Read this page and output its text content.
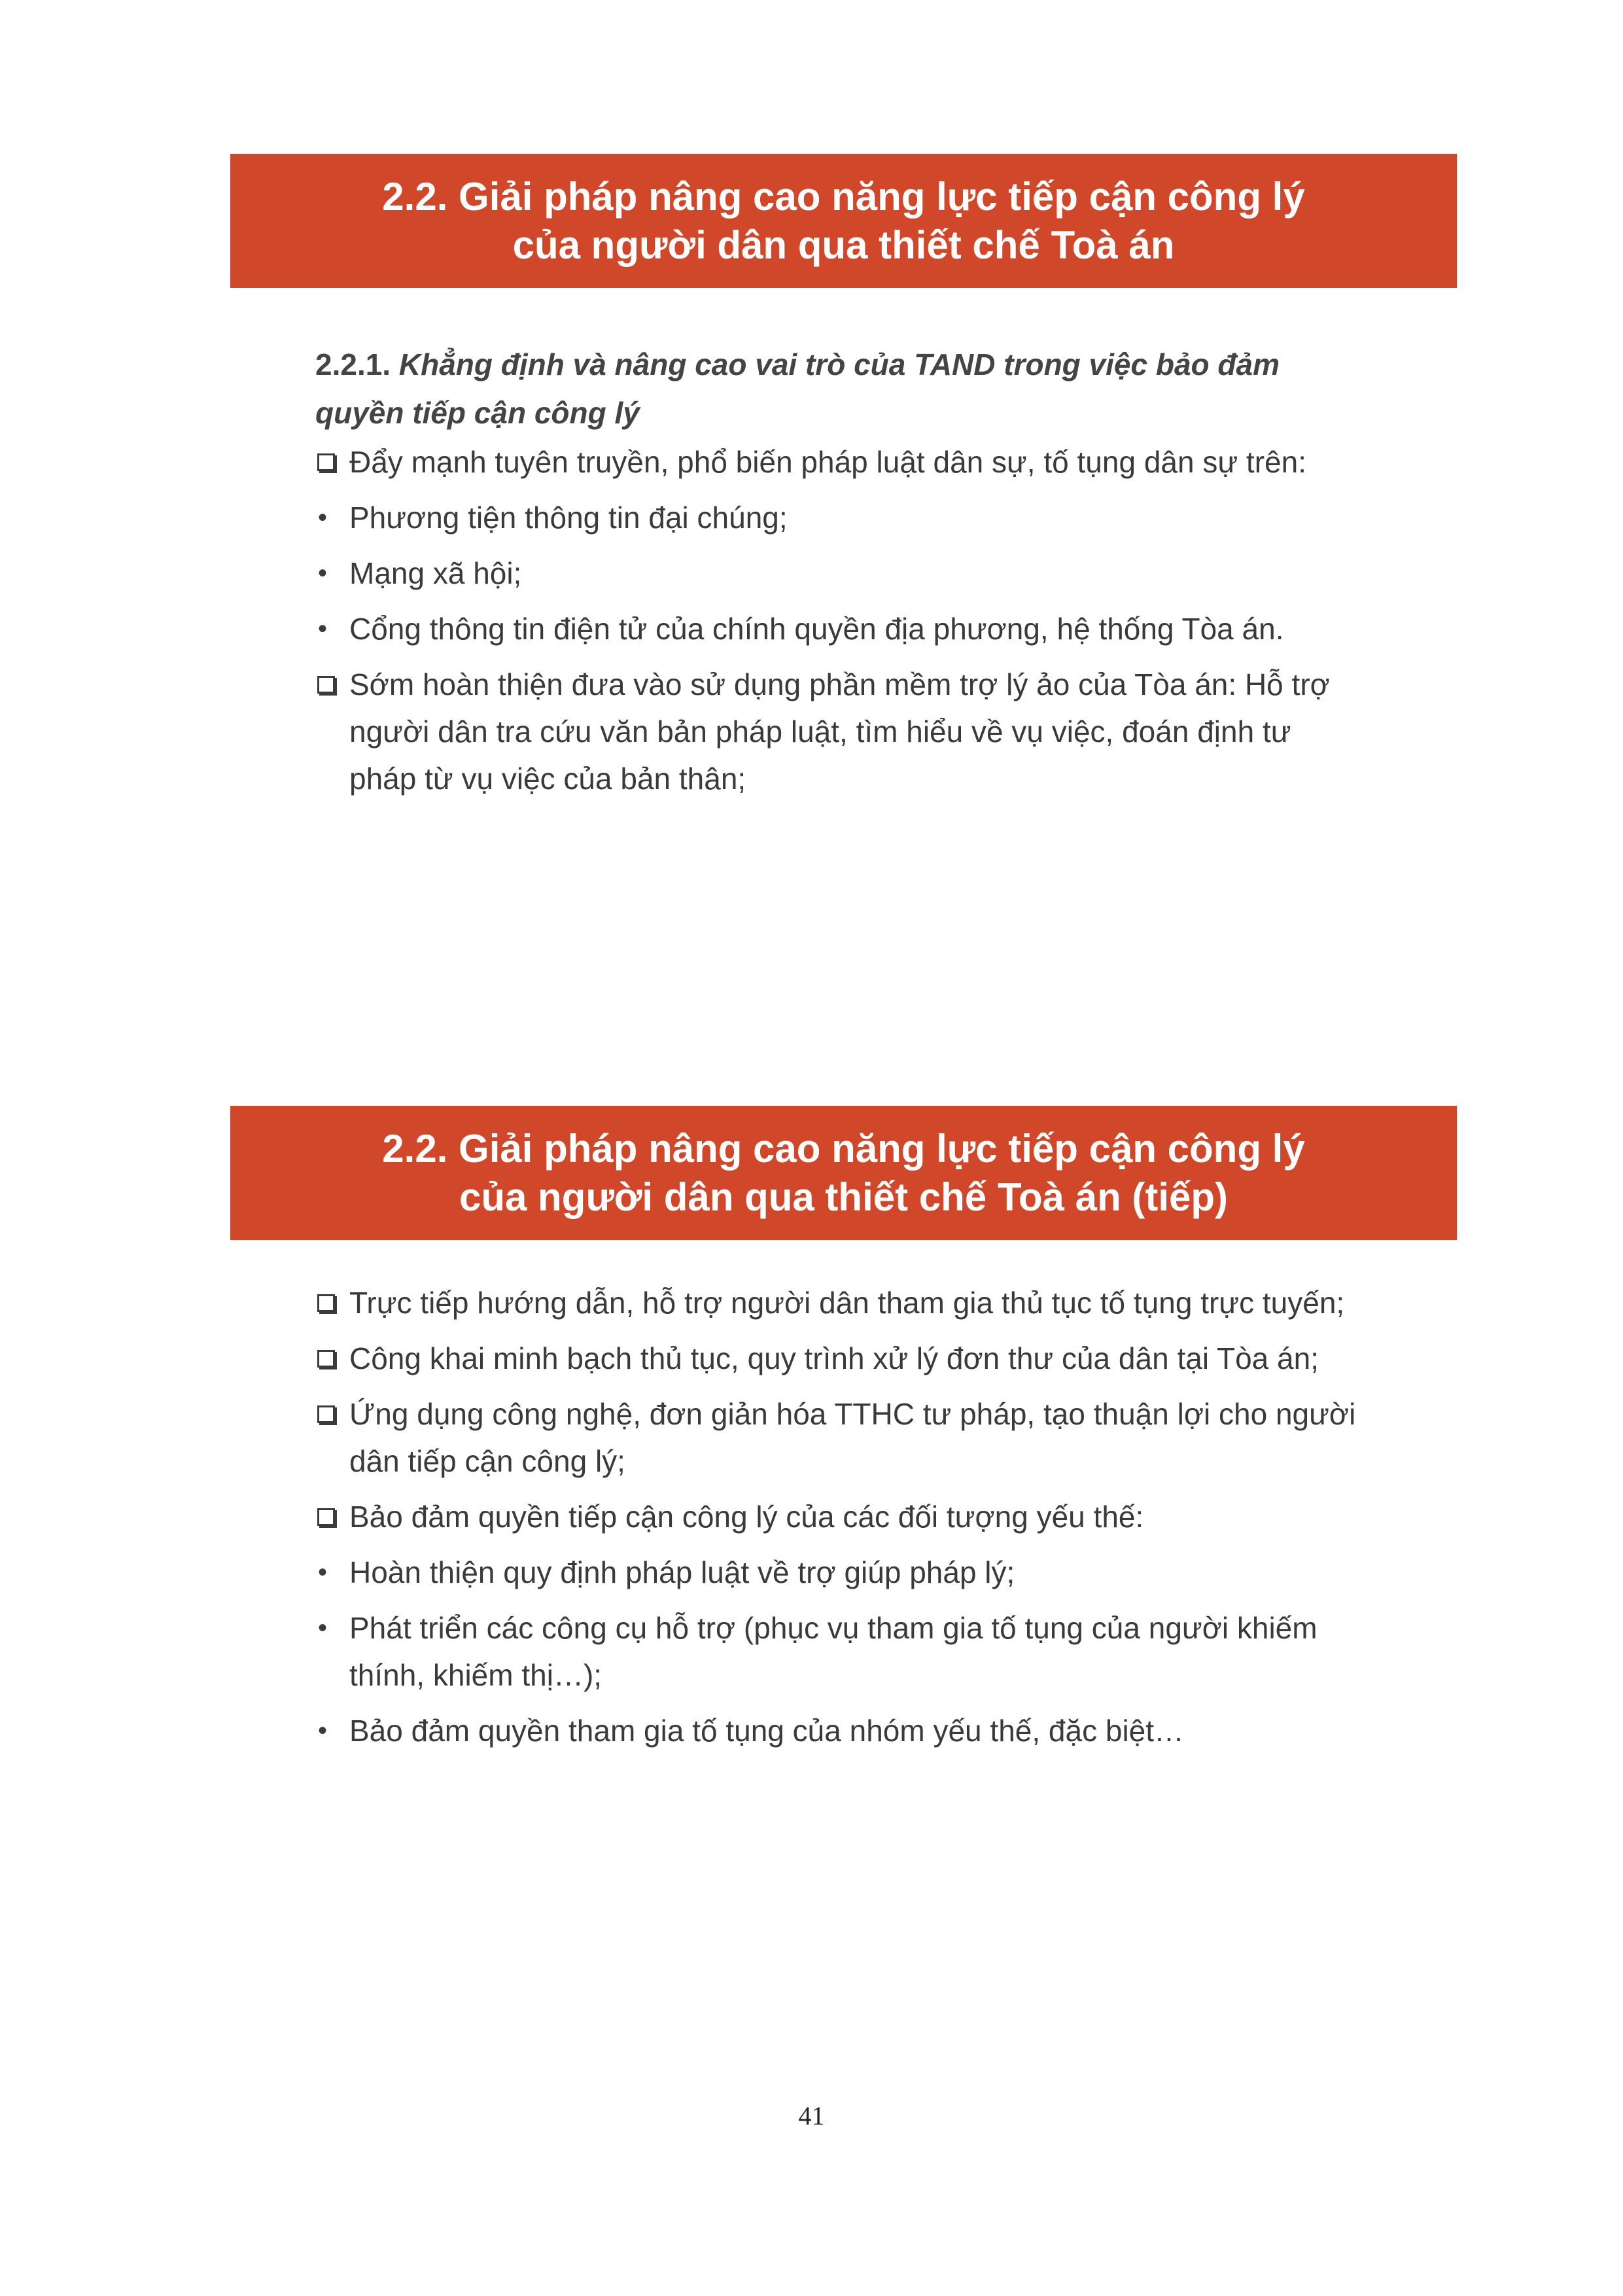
2.2. Giải pháp nâng cao năng lực tiếp cận công lý
của người dân qua thiết chế Toà án
2.2.1. Khẳng định và nâng cao vai trò của TAND trong việc bảo đảm
quyền tiếp cận công lý
Đẩy mạnh tuyên truyền, phổ biến pháp luật dân sự, tố tụng dân sự trên:
• Phương tiện thông tin đại chúng;
• Mạng xã hội;
• Cổng thông tin điện tử của chính quyền địa phương, hệ thống Tòa án.
Sớm hoàn thiện đưa vào sử dụng phần mềm trợ lý ảo của Tòa án: Hỗ trợ
người dân tra cứu văn bản pháp luật, tìm hiểu về vụ việc, đoán định tư
pháp từ vụ việc của bản thân;
2.2. Giải pháp nâng cao năng lực tiếp cận công lý
của người dân qua thiết chế Toà án (tiếp)
Trực tiếp hướng dẫn, hỗ trợ người dân tham gia thủ tục tố tụng trực tuyến;
Công khai minh bạch thủ tục, quy trình xử lý đơn thư của dân tại Tòa án;
Ứng dụng công nghệ, đơn giản hóa TTHC tư pháp, tạo thuận lợi cho người
dân tiếp cận công lý;
Bảo đảm quyền tiếp cận công lý của các đối tượng yếu thế:
• Hoàn thiện quy định pháp luật về trợ giúp pháp lý;
• Phát triển các công cụ hỗ trợ (phục vụ tham gia tố tụng của người khiếm
thính, khiếm thị…);
• Bảo đảm quyền tham gia tố tụng của nhóm yếu thế, đặc biệt…
41
